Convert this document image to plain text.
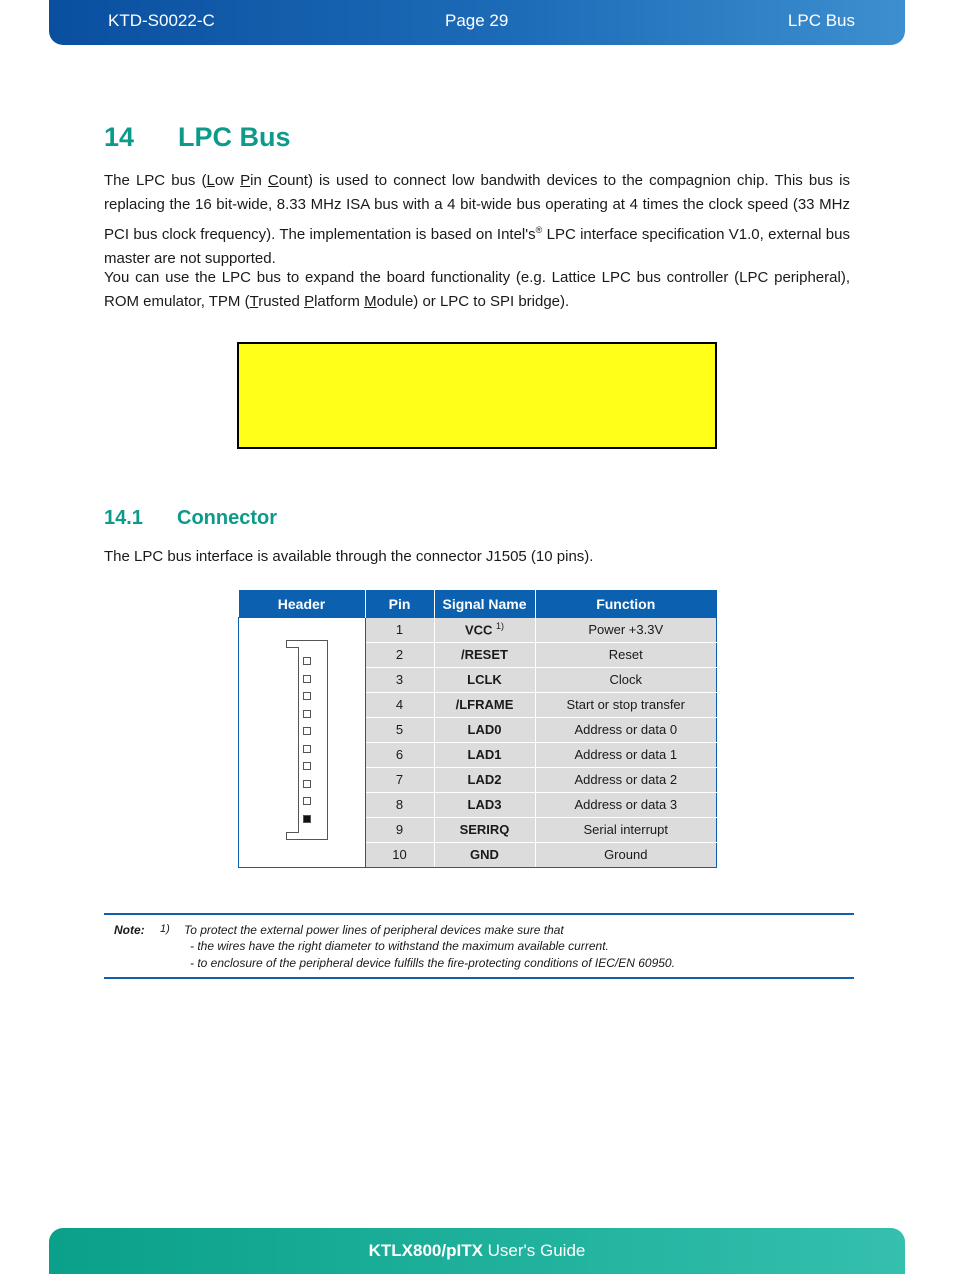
KTD-S0022-C	Page 29	LPC Bus
14 LPC Bus

The LPC bus (Low Pin Count) is used to connect low bandwith devices to the compagnion chip. This bus is replacing the 16 bit-wide, 8.33 MHz ISA bus with a 4 bit-wide bus operating at 4 times the clock speed (33 MHz PCI bus clock frequency). The implementation is based on Intel's® LPC interface specification V1.0, external bus master are not supported.

You can use the LPC bus to expand the board functionality (e.g. Lattice LPC bus controller (LPC peripheral), ROM emulator, TPM (Trusted Platform Module) or LPC to SPI bridge).

14.1 Connector

The LPC bus interface is available through the connector J1505 (10 pins).

Header	Pin	Signal Name	Function

	1	VCC $^{1)}$	Power +3.3V
	2	/RESET	Reset
	3	LCLK	Clock
	4	/LFRAME	Start or stop transfer
	5	LAD0	Address or data 0
	6	LAD1	Address or data 1
	7	LAD2	Address or data 2
	8	LAD3	Address or data 3
	9	SERIRQ	Serial interrupt
	10	GND	Ground
Note: 1) To protect the external power lines of peripheral devices make sure that
- the wires have the right diameter to withstand the maximum available current.
- to enclosure of the peripheral device fulfills the fire-protecting conditions of IEC/EN 60950.
KTLX800/pITX User's Guide
